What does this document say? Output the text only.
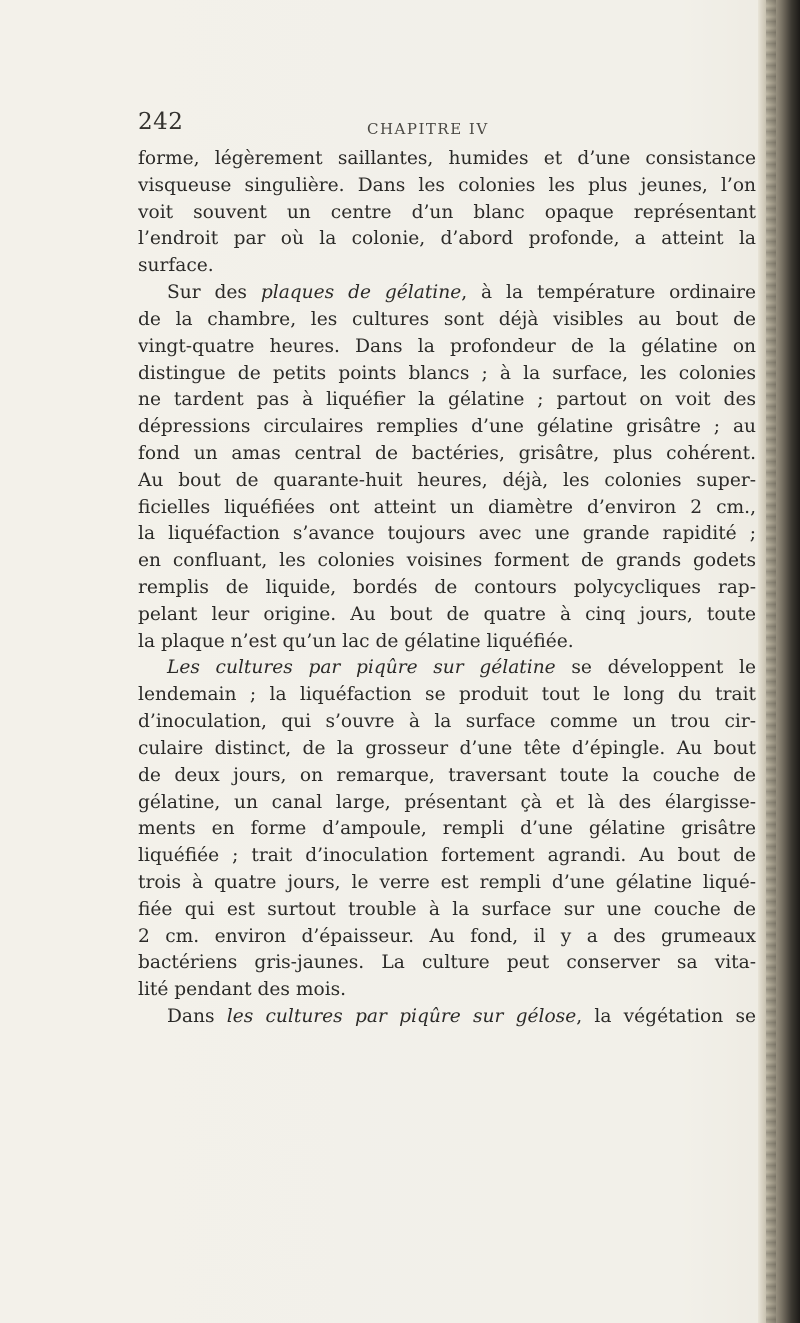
242	CHAPITRE IV
forme, légèrement saillantes, humides et d’une consistance
visqueuse singulière. Dans les colonies les plus jeunes, l’on
voit souvent un centre d’un blanc opaque représentant
l’endroit par où la colonie, d’abord profonde, a atteint la
surface.
Sur des plaques de gélatine, à la température ordinaire
de la chambre, les cultures sont déjà visibles au bout de
vingt-quatre heures. Dans la profondeur de la gélatine on
distingue de petits points blancs ; à la surface, les colonies
ne tardent pas à liquéfier la gélatine ; partout on voit des
dépressions circulaires remplies d’une gélatine grisâtre ; au
fond un amas central de bactéries, grisâtre, plus cohérent.
Au bout de quarante-huit heures, déjà, les colonies super-
ficielles liquéfiées ont atteint un diamètre d’environ 2 cm.,
la liquéfaction s’avance toujours avec une grande rapidité ;
en confluant, les colonies voisines forment de grands godets
remplis de liquide, bordés de contours polycycliques rap-
pelant leur origine. Au bout de quatre à cinq jours, toute
la plaque n’est qu’un lac de gélatine liquéfiée.
Les cultures par piqûre sur gélatine se développent le
lendemain ; la liquéfaction se produit tout le long du trait
d’inoculation, qui s’ouvre à la surface comme un trou cir-
culaire distinct, de la grosseur d’une tête d’épingle. Au bout
de deux jours, on remarque, traversant toute la couche de
gélatine, un canal large, présentant çà et là des élargisse-
ments en forme d’ampoule, rempli d’une gélatine grisâtre
liquéfiée ; trait d’inoculation fortement agrandi. Au bout de
trois à quatre jours, le verre est rempli d’une gélatine liqué-
fiée qui est surtout trouble à la surface sur une couche de
2 cm. environ d’épaisseur. Au fond, il y a des grumeaux
bactériens gris-jaunes. La culture peut conserver sa vita-
lité pendant des mois.
Dans les cultures par piqûre sur gélose, la végétation se
